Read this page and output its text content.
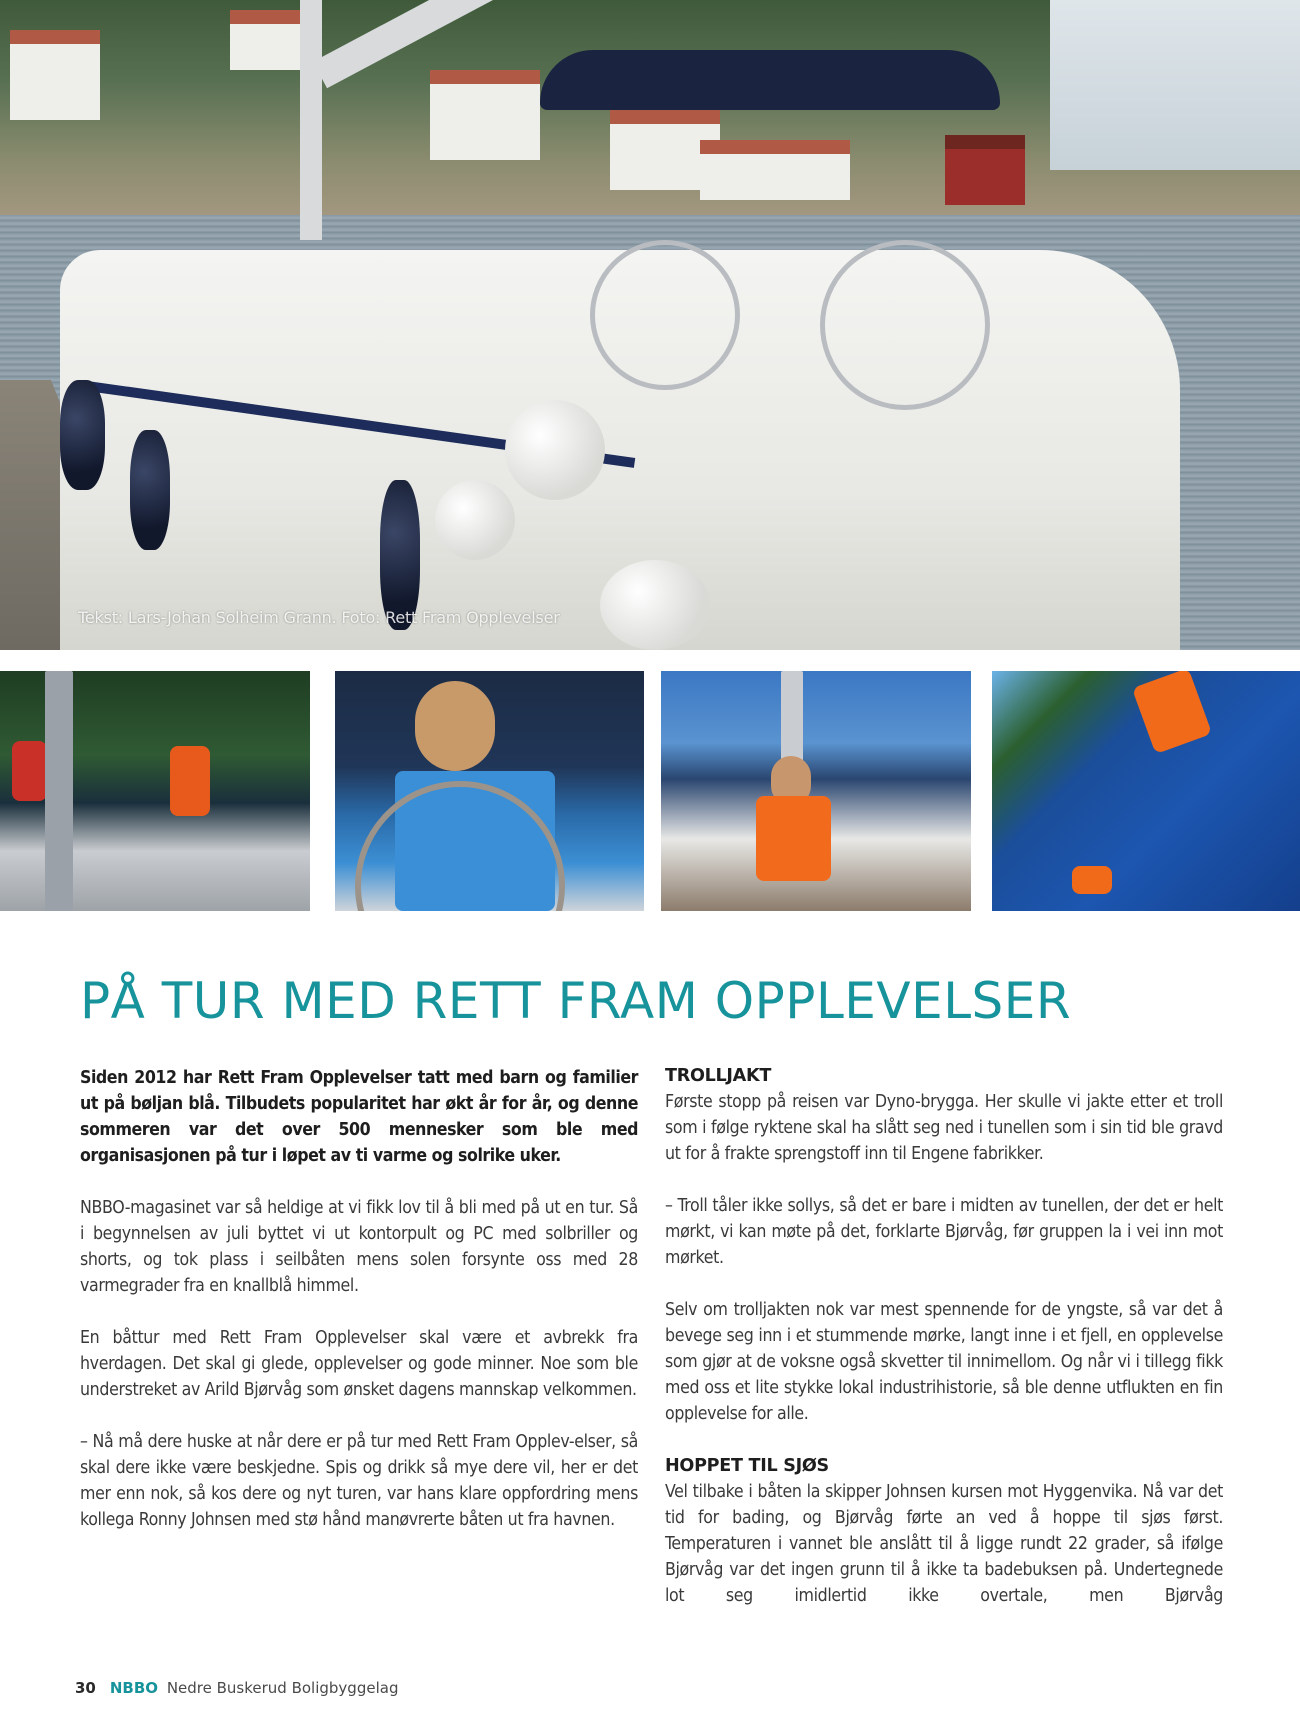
Tekst: Lars-Johan Solheim Grann. Foto: Rett Fram Opplevelser
PÅ TUR MED RETT FRAM OPPLEVELSER

Siden 2012 har Rett Fram Opplevelser tatt med barn og familier ut på bøljan blå. Tilbudets popularitet har økt år for år, og denne sommeren var det over 500 mennesker som ble med organisasjonen på tur i løpet av ti varme og solrike uker.

NBBO-magasinet var så heldige at vi fikk lov til å bli med på ut en tur. Så i begynnelsen av juli byttet vi ut kontorpult og PC med solbriller og shorts, og tok plass i seilbåten mens solen forsynte oss med 28 varmegrader fra en knallblå himmel.

En båttur med Rett Fram Opplevelser skal være et avbrekk fra hverdagen. Det skal gi glede, opplevelser og gode minner. Noe som ble understreket av Arild Bjørvåg som ønsket dagens mannskap velkommen.

– Nå må dere huske at når dere er på tur med Rett Fram Opplev-elser, så skal dere ikke være beskjedne. Spis og drikk så mye dere vil, her er det mer enn nok, så kos dere og nyt turen, var hans klare oppfordring mens kollega Ronny Johnsen med stø hånd manøvrerte båten ut fra havnen.

TROLLJAKT

Første stopp på reisen var Dyno-brygga. Her skulle vi jakte etter et troll som i følge ryktene skal ha slått seg ned i tunellen som i sin tid ble gravd ut for å frakte sprengstoff inn til Engene fabrikker.

– Troll tåler ikke sollys, så det er bare i midten av tunellen, der det er helt mørkt, vi kan møte på det, forklarte Bjørvåg, før gruppen la i vei inn mot mørket.

Selv om trolljakten nok var mest spennende for de yngste, så var det å bevege seg inn i et stummende mørke, langt inne i et fjell, en opplevelse som gjør at de voksne også skvetter til innimellom. Og når vi i tillegg fikk med oss et lite stykke lokal industrihistorie, så ble denne utflukten en fin opplevelse for alle.

HOPPET TIL SJØS

Vel tilbake i båten la skipper Johnsen kursen mot Hyggenvika. Nå var det tid for bading, og Bjørvåg førte an ved å hoppe til sjøs først. Temperaturen i vannet ble anslått til å ligge rundt 22 grader, så ifølge Bjørvåg var det ingen grunn til å ikke ta badebuksen på. Undertegnede lot seg imidlertid ikke overtale, men Bjørvåg

30 NBBO Nedre Buskerud Boligbyggelag
